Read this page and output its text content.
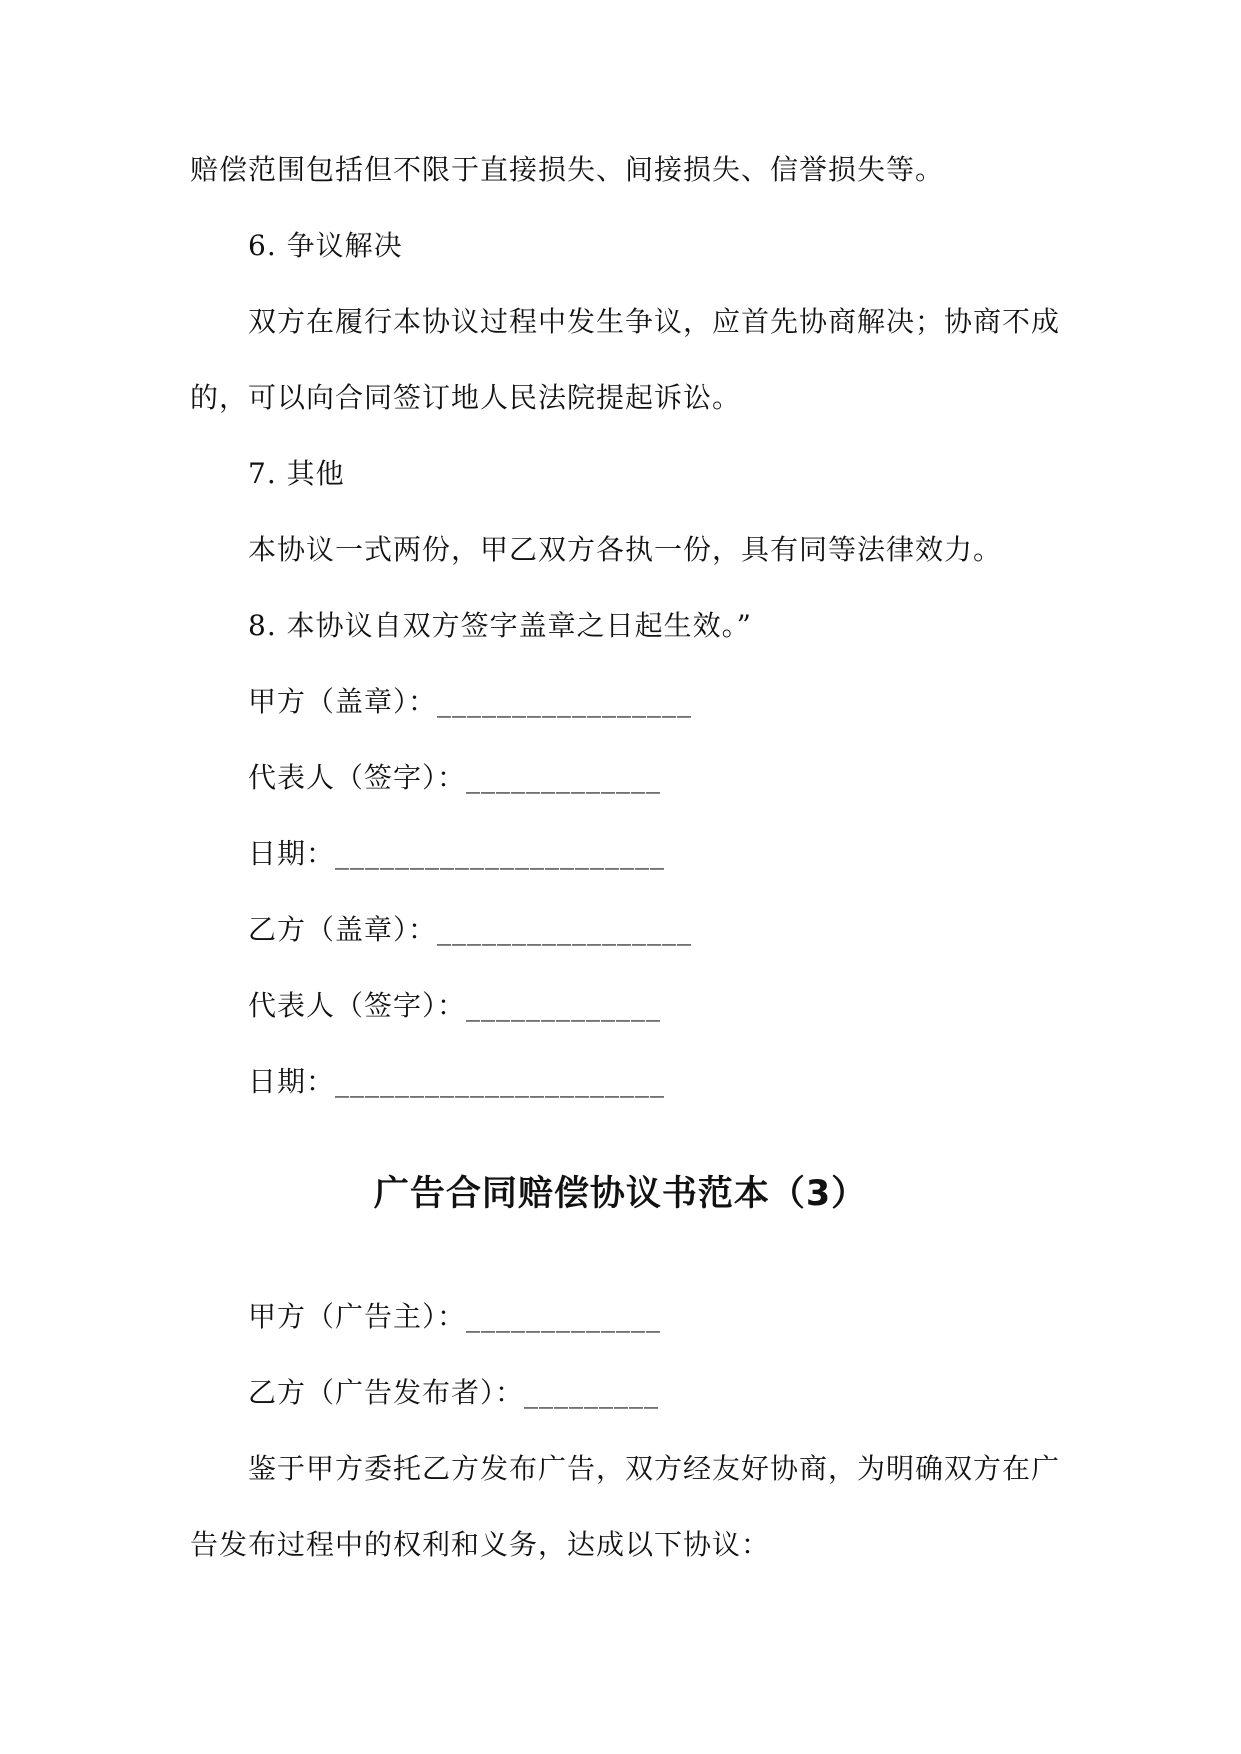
赔偿范围包括但不限于直接损失、间接损失、信誉损失等。
6. 争议解决
双方在履行本协议过程中发生争议，应首先协商解决；协商不成
的，可以向合同签订地人民法院提起诉讼。
7. 其他
本协议一式两份，甲乙双方各执一份，具有同等法律效力。
8. 本协议自双方签字盖章之日起生效。”
甲方（盖章）：_________________
代表人（签字）：_____________
日期：______________________
乙方（盖章）：_________________
代表人（签字）：_____________
日期：______________________
广告合同赔偿协议书范本（3）
甲方（广告主）：_____________
乙方（广告发布者）：_________
鉴于甲方委托乙方发布广告，双方经友好协商，为明确双方在广
告发布过程中的权利和义务，达成以下协议：
